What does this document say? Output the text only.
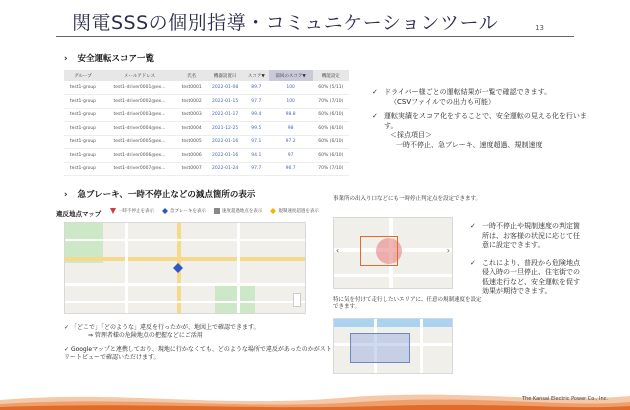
関電SSSの個別指導・コミュニケーションツール	13
› 安全運転スコア一覧
グループ	メールアドレス	氏名	機器設置日	スコア▼	前回のスコア▼	機能設定
test1-group	test1-driver0001@ex...	test0001	2022-01-08	89.7	100	60% (5/11)
test1-group	test1-driver0002@ex...	test0002	2022-01-15	97.7	100	70% (7/10)
test1-group	test1-driver0003@ex...	test0003	2022-01-17	99.4	98.8	60% (6/10)
test1-group	test1-driver0004@ex...	test0004	2021-12-25	99.5	98	60% (6/10)
test1-group	test1-driver0005@ex...	test0005	2022-01-16	97.1	97.2	60% (6/10)
test1-group	test1-driver0006@ex...	test0006	2022-01-16	94.1	97	60% (6/10)
test1-group	test1-driver0007@ex...	test0007	2022-01-24	97.7	96.7	70% (7/10)
✓ ドライバー様ごとの運転結果が一覧で確認できます。
（CSVファイルでの出力も可能）
✓ 運転実績をスコア化をすることで、安全運転の見える化を行います。
＜採点項目＞
一時不停止、急ブレーキ、速度超過、規制速度
› 急ブレーキ、一時不停止などの減点箇所の表示
違反地点マップ	一時不停止を表示	急ブレーキを表示	速度超過地点を表示	規制速度超過を表示
事業所の出入り口などにも一時停止判定点を設定できます。
‹	›
特に気を付けて走行したいエリアに、任意の規制速度を設定できます。
✓ 一時不停止や規制速度の判定箇所は、お客様の状況に応じて任意に設定できます。
✓ これにより、普段から危険地点侵入時の一旦停止、住宅街での低速走行など、安全運転を促す効果が期待できます。
✓ 「どこで」「どのような」違反を行ったかが、地図上で確認できます。
⇒ 管理者様の危険地点の把握などにご活用
✓ Googleマップと連携しており、現地に行かなくても、どのような場所で違反があったのかがストリートビューで確認いただけます。
The Kansai Electric Power Co., Inc.
